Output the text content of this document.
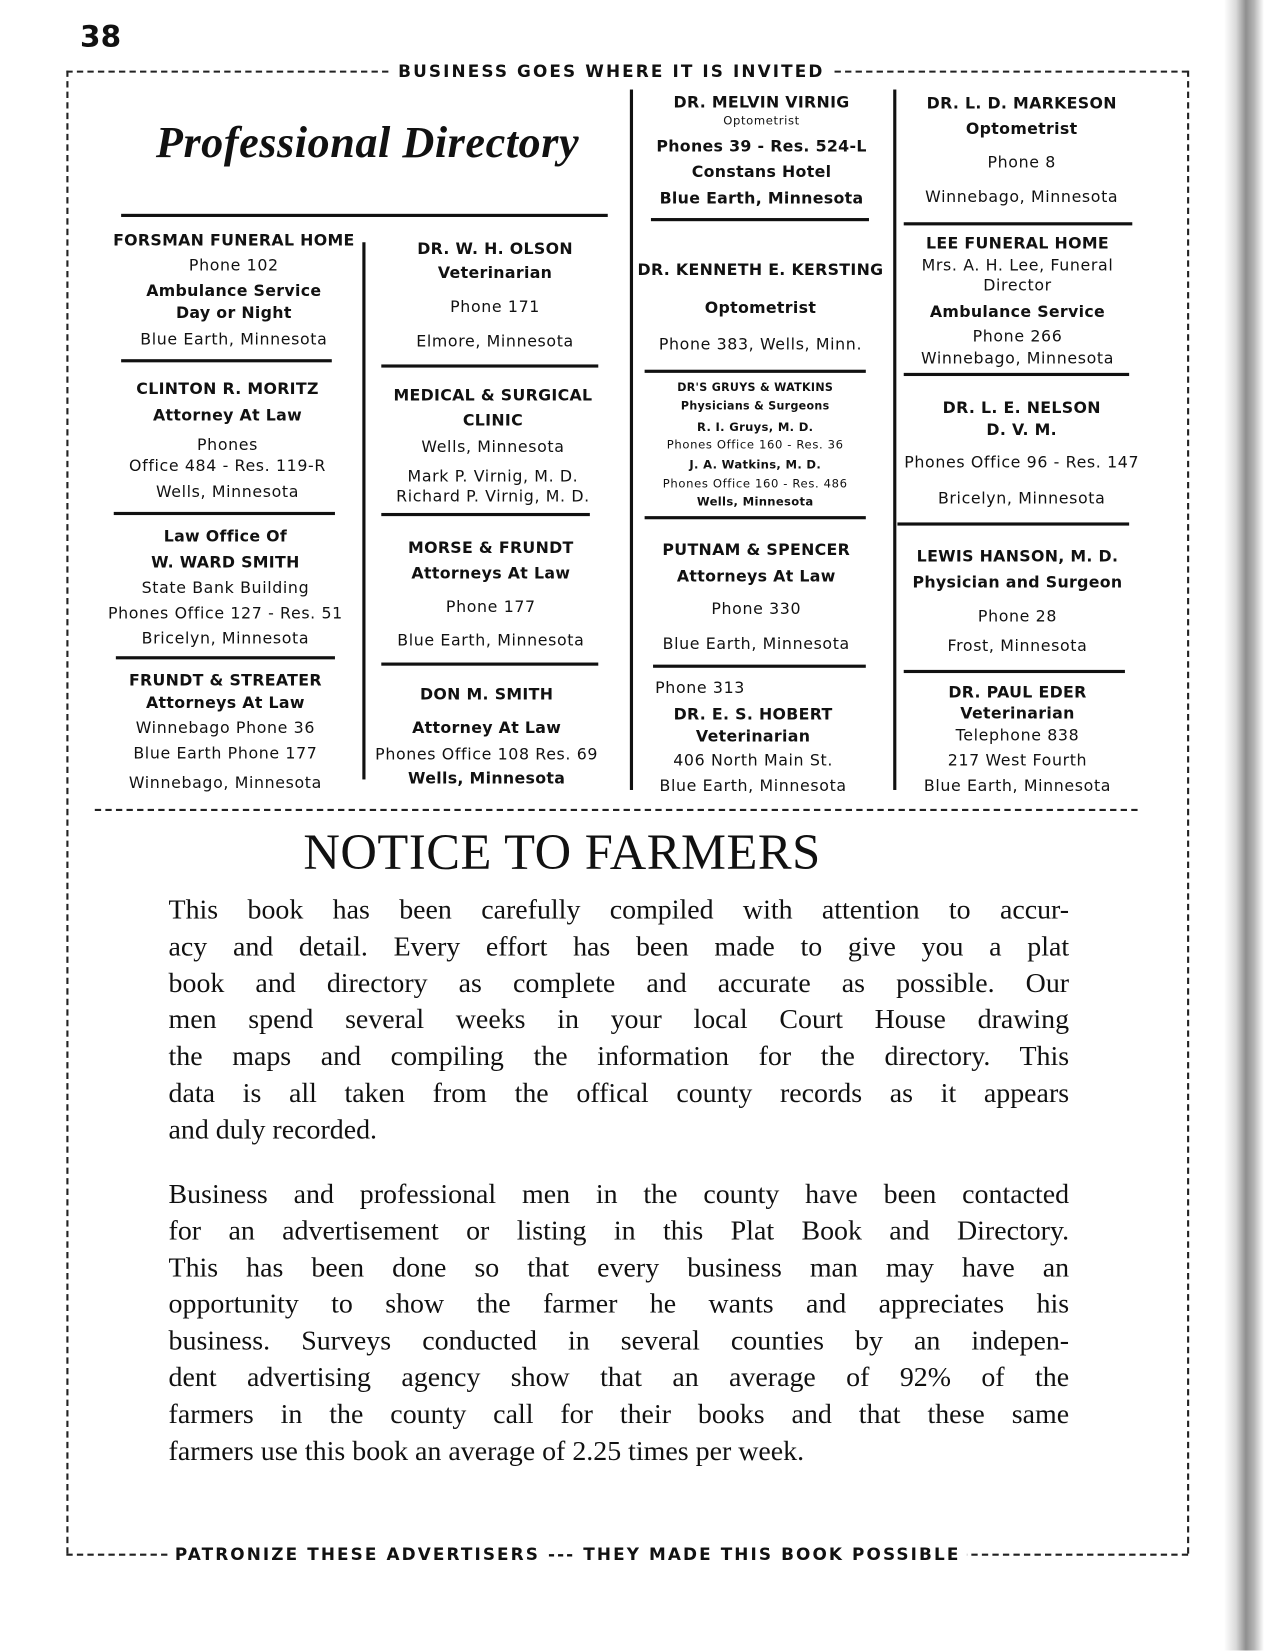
38
BUSINESS GOES WHERE IT IS INVITED
PATRONIZE THESE ADVERTISERS --- THEY MADE THIS BOOK POSSIBLE
Professional Directory
DR. MELVIN VIRNIG
Optometrist
Phones 39 - Res. 524-L
Constans Hotel
Blue Earth, Minnesota
DR. L. D. MARKESON
Optometrist
Phone 8
Winnebago, Minnesota
FORSMAN FUNERAL HOME
Phone 102
Ambulance Service
Day or Night
Blue Earth, Minnesota
DR. W. H. OLSON
Veterinarian
Phone 171
Elmore, Minnesota
DR. KENNETH E. KERSTING
Optometrist
Phone 383, Wells, Minn.
LEE FUNERAL HOME
Mrs. A. H. Lee, Funeral
Director
Ambulance Service
Phone 266
Winnebago, Minnesota
CLINTON R. MORITZ
Attorney At Law
Phones
Office 484 - Res. 119-R
Wells, Minnesota
MEDICAL & SURGICAL
CLINIC
Wells, Minnesota
Mark P. Virnig, M. D.
Richard P. Virnig, M. D.
DR'S GRUYS & WATKINS
Physicians & Surgeons
R. I. Gruys, M. D.
Phones Office 160 - Res. 36
J. A. Watkins, M. D.
Phones Office 160 - Res. 486
Wells, Minnesota
DR. L. E. NELSON
D. V. M.
Phones Office 96 - Res. 147
Bricelyn, Minnesota
Law Office Of
W. WARD SMITH
State Bank Building
Phones Office 127 - Res. 51
Bricelyn, Minnesota
MORSE & FRUNDT
Attorneys At Law
Phone 177
Blue Earth, Minnesota
PUTNAM & SPENCER
Attorneys At Law
Phone 330
Blue Earth, Minnesota
LEWIS HANSON, M. D.
Physician and Surgeon
Phone 28
Frost, Minnesota
FRUNDT & STREATER
Attorneys At Law
Winnebago Phone 36
Blue Earth Phone 177
Winnebago, Minnesota
DON M. SMITH
Attorney At Law
Phones Office 108 Res. 69
Wells, Minnesota
Phone 313
DR. E. S. HOBERT
Veterinarian
406 North Main St.
Blue Earth, Minnesota
DR. PAUL EDER
Veterinarian
Telephone 838
217 West Fourth
Blue Earth, Minnesota
NOTICE TO FARMERS
This book has been carefully compiled with attention to accur-
acy and detail. Every effort has been made to give you a plat
book and directory as complete and accurate as possible. Our
men spend several weeks in your local Court House drawing
the maps and compiling the information for the directory. This
data is all taken from the offical county records as it appears
and duly recorded.
Business and professional men in the county have been contacted
for an advertisement or listing in this Plat Book and Directory.
This has been done so that every business man may have an
opportunity to show the farmer he wants and appreciates his
business. Surveys conducted in several counties by an indepen-
dent advertising agency show that an average of 92% of the
farmers in the county call for their books and that these same
farmers use this book an average of 2.25 times per week.
